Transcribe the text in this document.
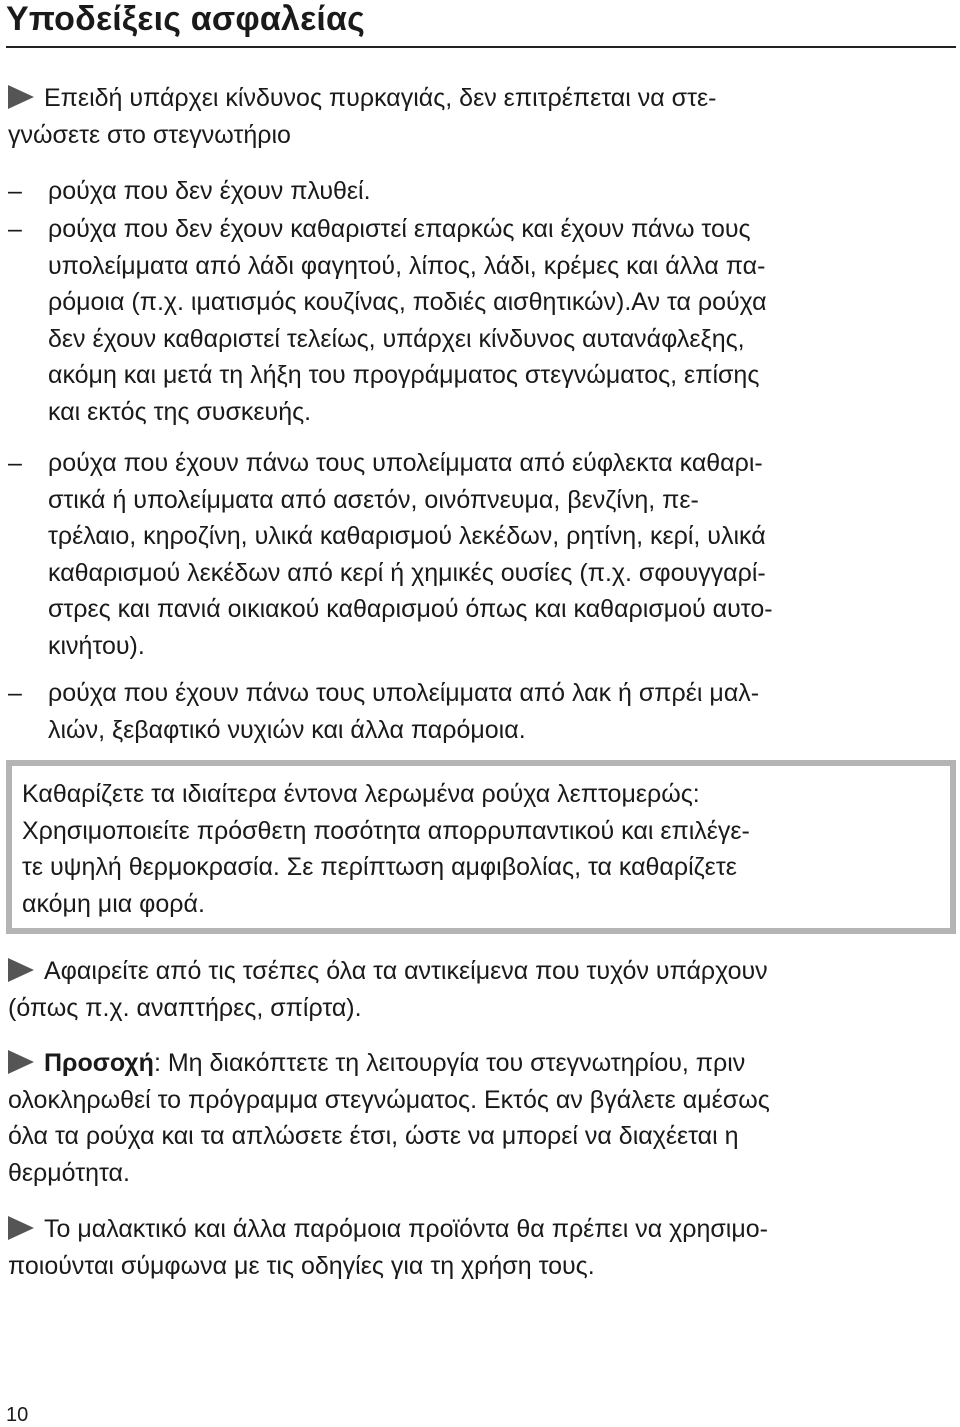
Υποδείξεις ασφαλείας
Επειδή υπάρχει κίνδυνος πυρκαγιάς, δεν επιτρέπεται να στε-
γνώσετε στο στεγνωτήριο
– ρούχα που δεν έχουν πλυθεί.
– ρούχα που δεν έχουν καθαριστεί επαρκώς και έχουν πάνω τους
υπολείμματα από λάδι φαγητού, λίπος, λάδι, κρέμες και άλλα πα-
ρόμοια (π.χ. ιματισμός κουζίνας, ποδιές αισθητικών).Αν τα ρούχα
δεν έχουν καθαριστεί τελείως, υπάρχει κίνδυνος αυτανάφλεξης,
ακόμη και μετά τη λήξη του προγράμματος στεγνώματος, επίσης
και εκτός της συσκευής.
– ρούχα που έχουν πάνω τους υπολείμματα από εύφλεκτα καθαρι-
στικά ή υπολείμματα από ασετόν, οινόπνευμα, βενζίνη, πε-
τρέλαιο, κηροζίνη, υλικά καθαρισμού λεκέδων, ρητίνη, κερί, υλικά
καθαρισμού λεκέδων από κερί ή χημικές ουσίες (π.χ. σφουγγαρί-
στρες και πανιά οικιακού καθαρισμού όπως και καθαρισμού αυτο-
κινήτου).
– ρούχα που έχουν πάνω τους υπολείμματα από λακ ή σπρέι μαλ-
λιών, ξεβαφτικό νυχιών και άλλα παρόμοια.

Καθαρίζετε τα ιδιαίτερα έντονα λερωμένα ρούχα λεπτομερώς:
Χρησιμοποιείτε πρόσθετη ποσότητα απορρυπαντικού και επιλέγε-
τε υψηλή θερμοκρασία. Σε περίπτωση αμφιβολίας, τα καθαρίζετε
ακόμη μια φορά.

Αφαιρείτε από τις τσέπες όλα τα αντικείμενα που τυχόν υπάρχουν
(όπως π.χ. αναπτήρες, σπίρτα).
Προσοχή: Μη διακόπτετε τη λειτουργία του στεγνωτηρίου, πριν
ολοκληρωθεί το πρόγραμμα στεγνώματος. Εκτός αν βγάλετε αμέσως
όλα τα ρούχα και τα απλώσετε έτσι, ώστε να μπορεί να διαχέεται η
θερμότητα.
Το μαλακτικό και άλλα παρόμοια προϊόντα θα πρέπει να χρησιμο-
ποιούνται σύμφωνα με τις οδηγίες για τη χρήση τους.
10
